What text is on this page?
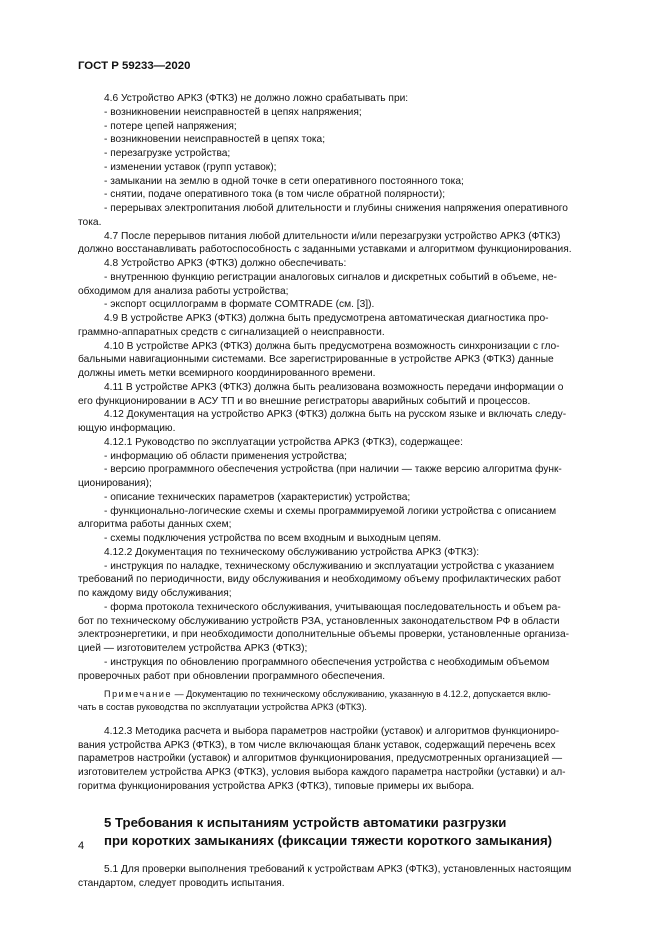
ГОСТ Р 59233—2020

4.6 Устройство АРКЗ (ФТКЗ) не должно ложно срабатывать при:

- возникновении неисправностей в цепях напряжения;

- потере цепей напряжения;

- возникновении неисправностей в цепях тока;

- перезагрузке устройства;

- изменении уставок (групп уставок);

- замыкании на землю в одной точке в сети оперативного постоянного тока;

- снятии, подаче оперативного тока (в том числе обратной полярности);

- перерывах электропитания любой длительности и глубины снижения напряжения оперативного

тока.

4.7 После перерывов питания любой длительности и/или перезагрузки устройство АРКЗ (ФТКЗ)

должно восстанавливать работоспособность с заданными уставками и алгоритмом функционирования.

4.8 Устройство АРКЗ (ФТКЗ) должно обеспечивать:

- внутреннюю функцию регистрации аналоговых сигналов и дискретных событий в объеме, не-

обходимом для анализа работы устройства;

- экспорт осциллограмм в формате COMTRADE (см. [3]).

4.9 В устройстве АРКЗ (ФТКЗ) должна быть предусмотрена автоматическая диагностика про-

граммно-аппаратных средств с сигнализацией о неисправности.

4.10 В устройстве АРКЗ (ФТКЗ) должна быть предусмотрена возможность синхронизации с гло-

бальными навигационными системами. Все зарегистрированные в устройстве АРКЗ (ФТКЗ) данные

должны иметь метки всемирного координированного времени.

4.11 В устройстве АРКЗ (ФТКЗ) должна быть реализована возможность передачи информации о

его функционировании в АСУ ТП и во внешние регистраторы аварийных событий и процессов.

4.12 Документация на устройство АРКЗ (ФТКЗ) должна быть на русском языке и включать следу-

ющую информацию.

4.12.1 Руководство по эксплуатации устройства АРКЗ (ФТКЗ), содержащее:

- информацию об области применения устройства;

- версию программного обеспечения устройства (при наличии — также версию алгоритма функ-

ционирования);

- описание технических параметров (характеристик) устройства;

- функционально-логические схемы и схемы программируемой логики устройства с описанием

алгоритма работы данных схем;

- схемы подключения устройства по всем входным и выходным цепям.

4.12.2 Документация по техническому обслуживанию устройства АРКЗ (ФТКЗ):

- инструкция по наладке, техническому обслуживанию и эксплуатации устройства с указанием

требований по периодичности, виду обслуживания и необходимому объему профилактических работ

по каждому виду обслуживания;

- форма протокола технического обслуживания, учитывающая последовательность и объем ра-

бот по техническому обслуживанию устройств РЗА, установленных законодательством РФ в области

электроэнергетики, и при необходимости дополнительные объемы проверки, установленные организа-

цией — изготовителем устройства АРКЗ (ФТКЗ);

- инструкция по обновлению программного обеспечения устройства с необходимым объемом

проверочных работ при обновлении программного обеспечения.

Примечание — Документацию по техническому обслуживанию, указанную в 4.12.2, допускается вклю-

чать в состав руководства по эксплуатации устройства АРКЗ (ФТКЗ).

4.12.3 Методика расчета и выбора параметров настройки (уставок) и алгоритмов функциониро-

вания устройства АРКЗ (ФТКЗ), в том числе включающая бланк уставок, содержащий перечень всех

параметров настройки (уставок) и алгоритмов функционирования, предусмотренных организацией —

изготовителем устройства АРКЗ (ФТКЗ), условия выбора каждого параметра настройки (уставки) и ал-

горитма функционирования устройства АРКЗ (ФТКЗ), типовые примеры их выбора.

5 Требования к испытаниям устройств автоматики разгрузки

при коротких замыканиях (фиксации тяжести короткого замыкания)

5.1 Для проверки выполнения требований к устройствам АРКЗ (ФТКЗ), установленных настоящим

стандартом, следует проводить испытания.

4
